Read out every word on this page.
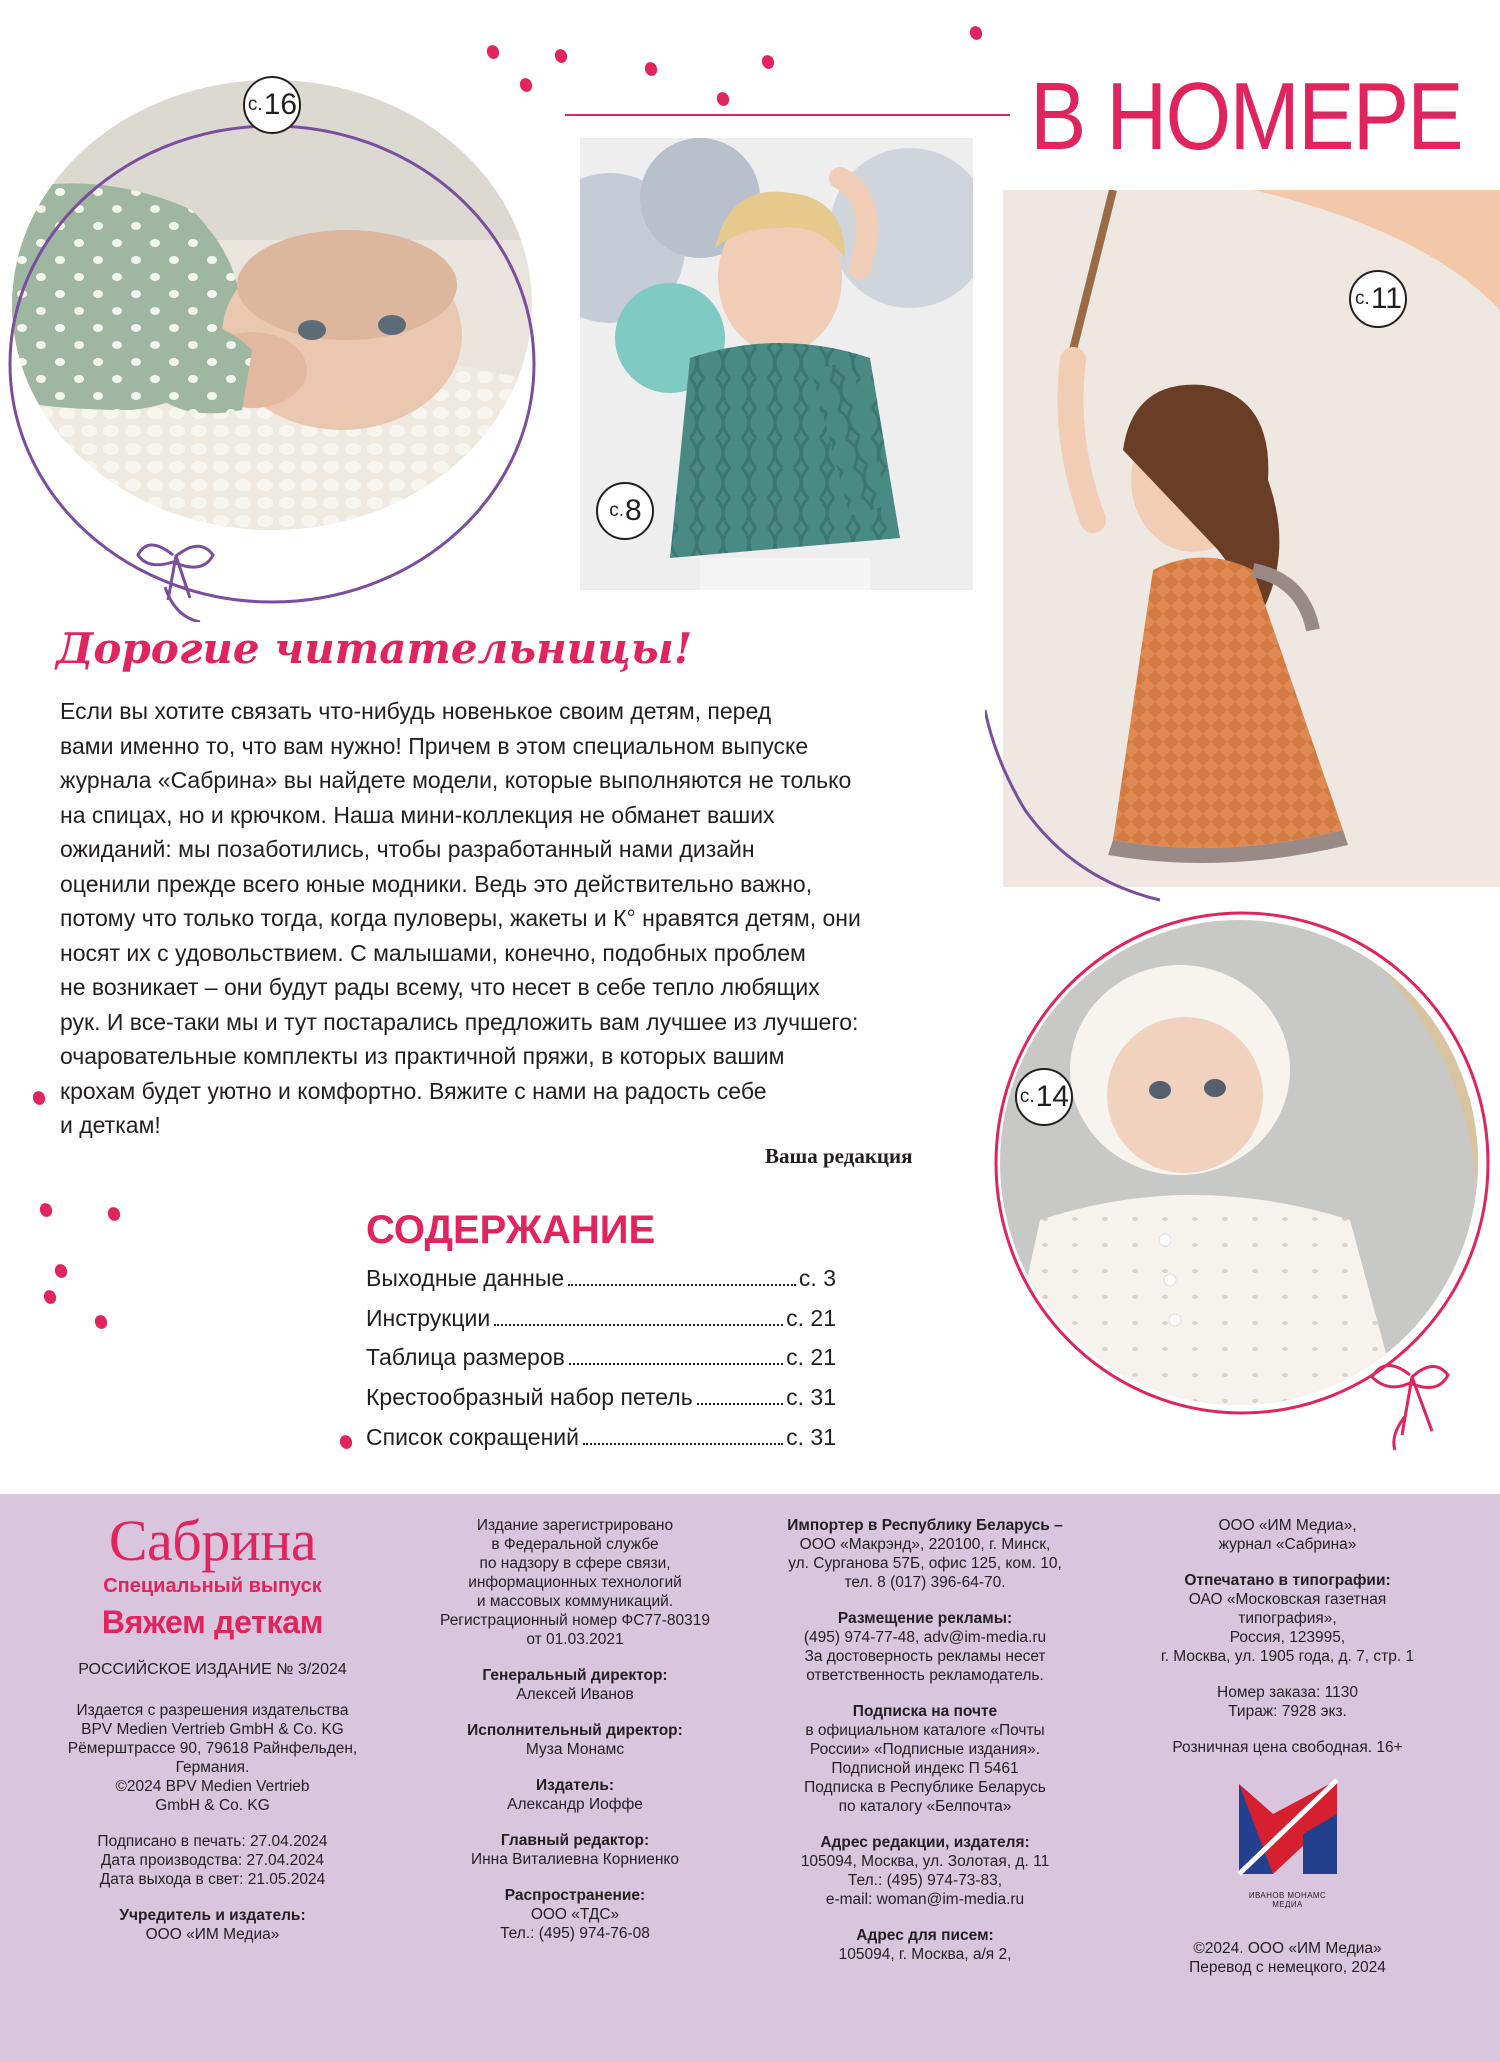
В НОМЕРЕ
с. 16
с. 8
с. 11
с. 14
Дорогие читательницы!

Если вы хотите связать что-нибудь новенькое своим детям, перед

вами именно то, что вам нужно! Причем в этом специальном выпуске

журнала «Сабрина» вы найдете модели, которые выполняются не только

на спицах, но и крючком. Наша мини-коллекция не обманет ваших

ожиданий: мы позаботились, чтобы разработанный нами дизайн

оценили прежде всего юные модники. Ведь это действительно важно,

потому что только тогда, когда пуловеры, жакеты и К° нравятся детям, они

носят их с удовольствием. С малышами, конечно, подобных проблем

не возникает – они будут рады всему, что несет в себе тепло любящих

рук. И все-таки мы и тут постарались предложить вам лучшее из лучшего:

очаровательные комплекты из практичной пряжи, в которых вашим

крохам будет уютно и комфортно. Вяжите с нами на радость себе

и деткам!

Ваша редакция
СОДЕРЖАНИЕ
Выходные данные	с. 3
Инструкции	с. 21
Таблица размеров	с. 21
Крестообразный набор петель	с. 31
Список сокращений	с. 31
Сабрина
Специальный выпуск
Вяжем деткам
РОССИЙСКОЕ ИЗДАНИЕ № 3/2024
Издается с разрешения издательства
BPV Medien Vertrieb GmbH & Co. KG
Рёмерштрассе 90, 79618 Райнфельден,
Германия.
©2024 BPV Medien Vertrieb
GmbH & Co. KG
Подписано в печать: 27.04.2024
Дата производства: 27.04.2024
Дата выхода в свет: 21.05.2024
Учредитель и издатель:
ООО «ИМ Медиа»
Издание зарегистрировано
в Федеральной службе
по надзору в сфере связи,
информационных технологий
и массовых коммуникаций.
Регистрационный номер ФС77-80319
от 01.03.2021
Генеральный директор:
Алексей Иванов
Исполнительный директор:
Муза Монамс
Издатель:
Александр Иоффе
Главный редактор:
Инна Виталиевна Корниенко
Распространение:
ООО «ТДС»
Тел.: (495) 974-76-08
Импортер в Республику Беларусь –
ООО «Макрэнд», 220100, г. Минск,
ул. Сурганова 57Б, офис 125, ком. 10,
тел. 8 (017) 396-64-70.
Размещение рекламы:
(495) 974-77-48, adv@im-media.ru
За достоверность рекламы несет
ответственность рекламодатель.
Подписка на почте
в официальном каталоге «Почты
России» «Подписные издания».
Подписной индекс П 5461
Подписка в Республике Беларусь
по каталогу «Белпочта»
Адрес редакции, издателя:
105094, Москва, ул. Золотая, д. 11
Тел.: (495) 974-73-83,
e-mail: woman@im-media.ru
Адрес для писем:
105094, г. Москва, а/я 2,
ООО «ИМ Медиа»,
журнал «Сабрина»
Отпечатано в типографии:
ОАО «Московская газетная
типография»,
Россия, 123995,
г. Москва, ул. 1905 года, д. 7, стр. 1
Номер заказа: 1130
Тираж: 7928 экз.
Розничная цена свободная. 16+
ИВАНОВ МОНАМС
МЕДИА
©2024. ООО «ИМ Медиа»
Перевод с немецкого, 2024
